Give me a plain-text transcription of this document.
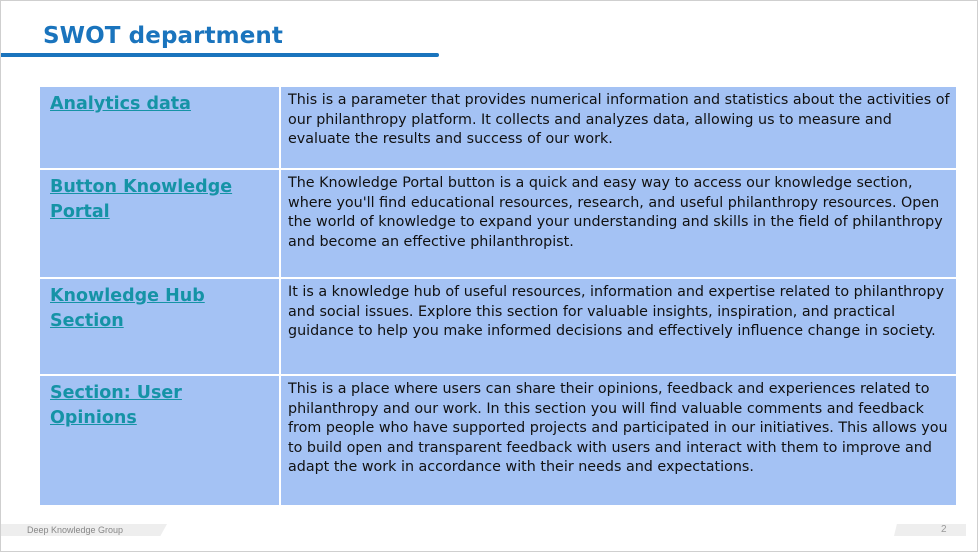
SWOT department
Analytics data	This is a parameter that provides numerical information and statistics about the activities of our philanthropy platform. It collects and analyzes data, allowing us to measure and evaluate the results and success of our work.

Button Knowledge Portal	The Knowledge Portal button is a quick and easy way to access our knowledge section, where you'll find educational resources, research, and useful philanthropy resources. Open the world of knowledge to expand your understanding and skills in the field of philanthropy and become an effective philanthropist.

Knowledge Hub Section	It is a knowledge hub of useful resources, information and expertise related to philanthropy and social issues. Explore this section for valuable insights, inspiration, and practical guidance to help you make informed decisions and effectively influence change in society.

Section: User Opinions	This is a place where users can share their opinions, feedback and experiences related to philanthropy and our work. In this section you will find valuable comments and feedback from people who have supported projects and participated in our initiatives. This allows you to build open and transparent feedback with users and interact with them to improve and adapt the work in accordance with their needs and expectations.
Deep Knowledge Group	2
